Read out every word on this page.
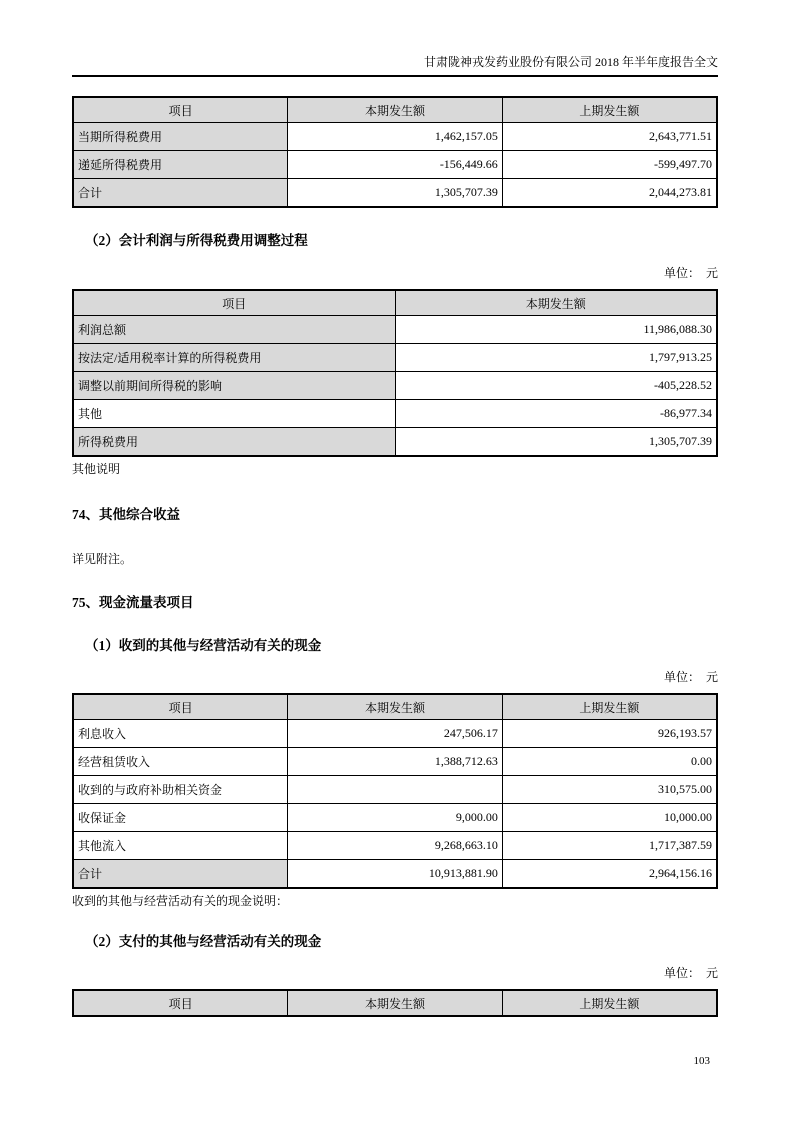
甘肃陇神戎发药业股份有限公司 2018 年半年度报告全文
项目	本期发生额	上期发生额
当期所得税费用	1,462,157.05	2,643,771.51
递延所得税费用	-156,449.66	-599,497.70
合计	1,305,707.39	2,044,273.81
（2）会计利润与所得税费用调整过程
单位：　元
项目	本期发生额
利润总额	11,986,088.30
按法定/适用税率计算的所得税费用	1,797,913.25
调整以前期间所得税的影响	-405,228.52
其他	-86,977.34
所得税费用	1,305,707.39
其他说明
74、其他综合收益
详见附注。
75、现金流量表项目
（1）收到的其他与经营活动有关的现金
单位：　元
项目	本期发生额	上期发生额
利息收入	247,506.17	926,193.57
经营租赁收入	1,388,712.63	0.00
收到的与政府补助相关资金		310,575.00
收保证金	9,000.00	10,000.00
其他流入	9,268,663.10	1,717,387.59
合计	10,913,881.90	2,964,156.16
收到的其他与经营活动有关的现金说明：
（2）支付的其他与经营活动有关的现金
单位：　元
项目	本期发生额	上期发生额
103
